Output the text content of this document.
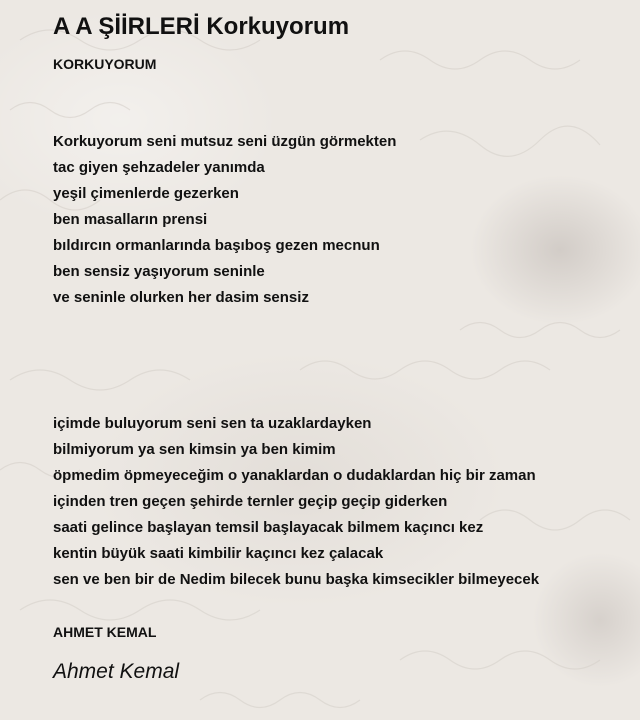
A A ŞİİRLERİ Korkuyorum
KORKUYORUM
Korkuyorum seni mutsuz seni üzgün görmekten
tac giyen şehzadeler yanımda
yeşil çimenlerde gezerken
ben masalların prensi
bıldırcın ormanlarında başıboş gezen mecnun
ben sensiz yaşıyorum seninle
ve seninle olurken her dasim sensiz
içimde buluyorum seni sen ta uzaklardayken
bilmiyorum ya sen kimsin ya ben kimim
öpmedim öpmeyeceğim o yanaklardan o dudaklardan hiç bir zaman
içinden tren geçen şehirde ternler geçip geçip giderken
saati gelince başlayan temsil başlayacak bilmem kaçıncı kez
kentin büyük saati kimbilir kaçıncı kez çalacak
sen ve ben bir de Nedim bilecek bunu başka kimsecikler bilmeyecek
AHMET KEMAL
Ahmet Kemal
